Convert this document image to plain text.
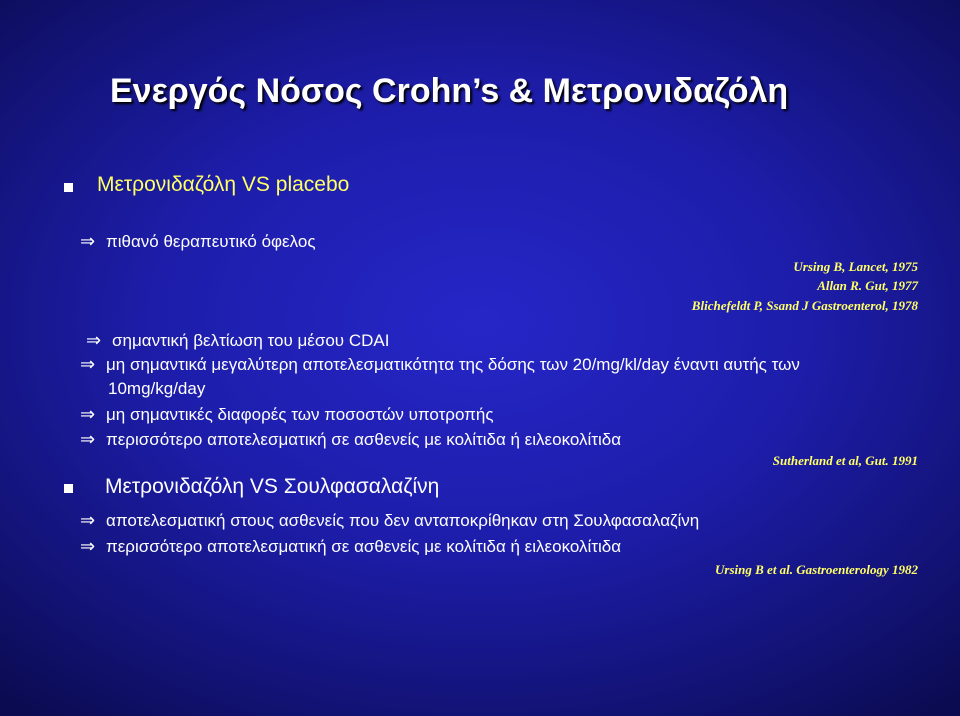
Ενεργός Νόσος Crohn’s & Μετρονιδαζόλη
Μετρονιδαζόλη VS placebo
⇒ πιθανό θεραπευτικό όφελος
Ursing B, Lancet, 1975
Allan R. Gut, 1977
Blichefeldt P, Ssand J Gastroenterol, 1978
⇒ σημαντική βελτίωση του μέσου CDAI
⇒ μη σημαντικά μεγαλύτερη αποτελεσματικότητα της δόσης των 20/mg/kl/day έναντι αυτής των
10mg/kg/day
⇒ μη σημαντικές διαφορές των ποσοστών υποτροπής
⇒ περισσότερο αποτελεσματική σε ασθενείς με κολίτιδα ή ειλεοκολίτιδα
Sutherland et al, Gut. 1991
Μετρονιδαζόλη VS Σουλφασαλαζίνη
⇒ αποτελεσματική στους ασθενείς που δεν ανταποκρίθηκαν στη Σουλφασαλαζίνη
⇒ περισσότερο αποτελεσματική σε ασθενείς με κολίτιδα ή ειλεοκολίτιδα
Ursing B et al. Gastroenterology 1982
